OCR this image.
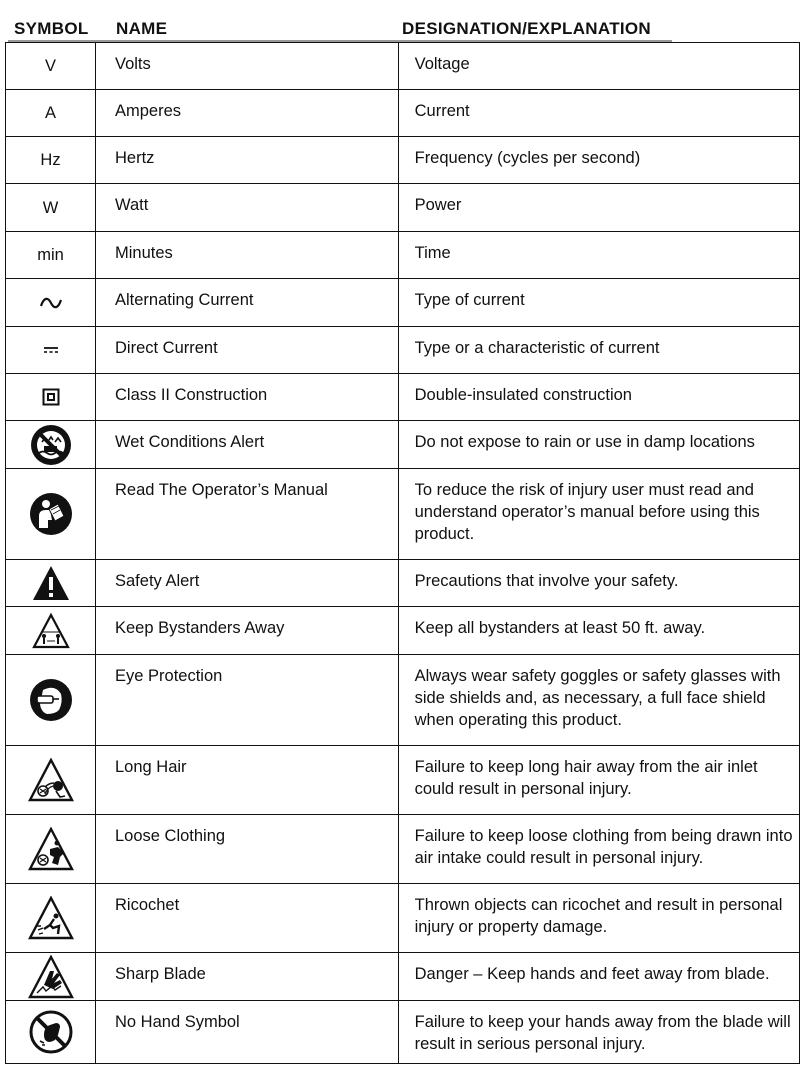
SYMBOL NAME	DESIGNATION/EXPLANATION
V	Volts	Voltage
A	Amperes	Current
Hz	Hertz	Frequency (cycles per second)
W	Watt	Power
min	Minutes	Time

	Alternating Current	Type of current

	Direct Current	Type or a characteristic of current

	Class II Construction	Double-insulated construction

	Wet Conditions Alert	Do not expose to rain or use in damp locations

	Read The Operator’s Manual	To reduce the risk of injury user must read and understand operator’s manual before using this product.

	Safety Alert	Precautions that involve your safety.

	Keep Bystanders Away	Keep all bystanders at least 50 ft. away.

	Eye Protection	Always wear safety goggles or safety glasses with side shields and, as necessary, a full face shield when operating this product.

	Long Hair	Failure to keep long hair away from the air inlet could result in personal injury.

	Loose Clothing	Failure to keep loose clothing from being drawn into air intake could result in personal injury.

	Ricochet	Thrown objects can ricochet and result in personal injury or property damage.

	Sharp Blade	Danger – Keep hands and feet away from blade.

	No Hand Symbol	Failure to keep your hands away from the blade will result in serious personal injury.
